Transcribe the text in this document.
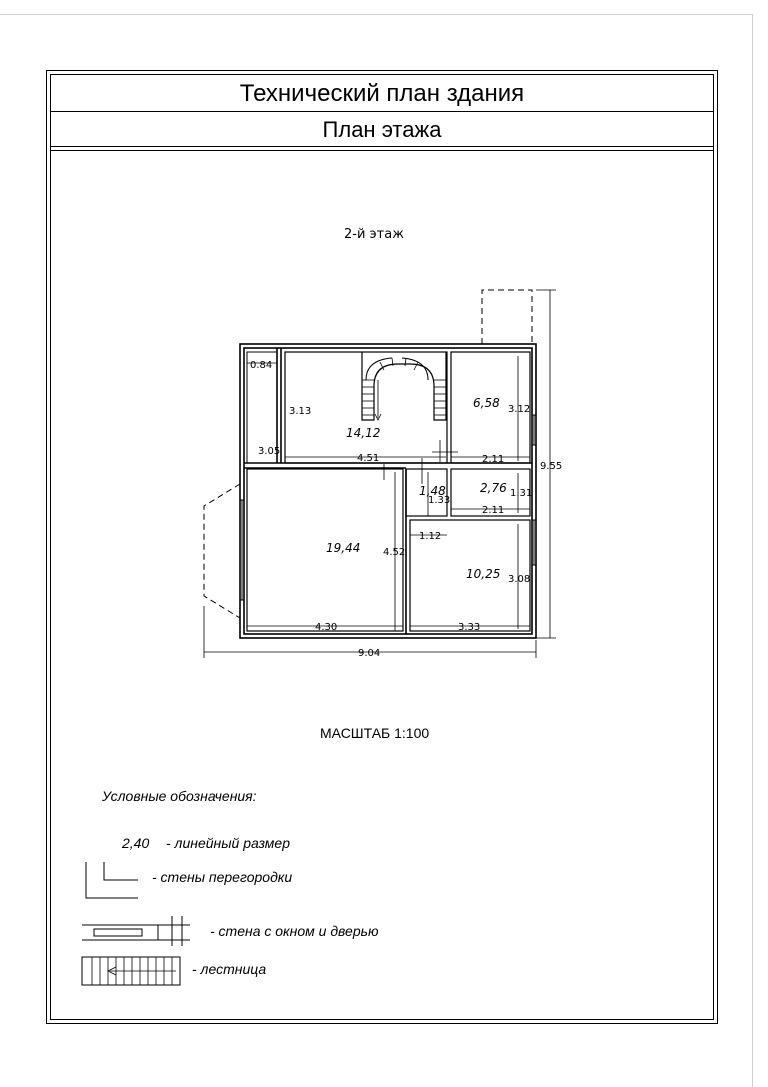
Технический план здания
План этажа
2-й этаж
0.84
3.13
3.05
14,12
4.51
6,58 3.12
2.11
9.55
2,76 1.31
2.11
1,48
1.33
1.12
19,44 4.52
10,25 3.08
4.30	3.33
9.04
МАСШТАБ 1:100
Условные обозначения:
2,40 - линейный размер
- стены перегородки
- стена с окном и дверью
- лестница
